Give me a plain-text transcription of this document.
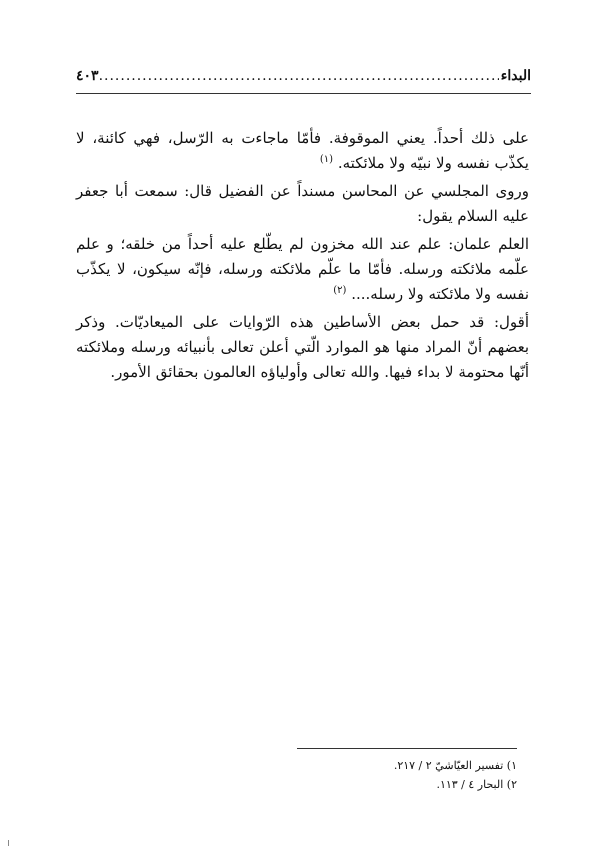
البداء
.....
٤٠٣

على ذلك أحداً. يعني الموقوفة. فأمّا ماجاءت به الرّسل، فهي كائنة، لا يكذّب نفسه ولا نبيّه ولا ملائكته. $^{(١)}$

وروى المجلسي عن المحاسن مسنداً عن الفضيل قال: سمعت أبا جعفر عليه السلام يقول:

العلم علمان: علم عند الله مخزون لم يطّلع عليه أحداً من خلقه؛ و علم علّمه ملائكته ورسله. فأمّا ما علّم ملائكته ورسله، فإنّه سيكون، لا يكذّب نفسه ولا ملائكته ولا رسله.... $^{(٢)}$

أقول: قد حمل بعض الأساطين هذه الرّوايات على الميعاديّات. وذكر بعضهم أنّ المراد منها هو الموارد الّتي أعلن تعالى بأنبيائه ورسله وملائكته أنّها محتومة لا بداء فيها. والله تعالى وأولياؤه العالمون بحقائق الأمور.

١) تفسير العيّاشيّ ٢ / ٢١٧.
٢) البحار ٤ / ١١٣.
